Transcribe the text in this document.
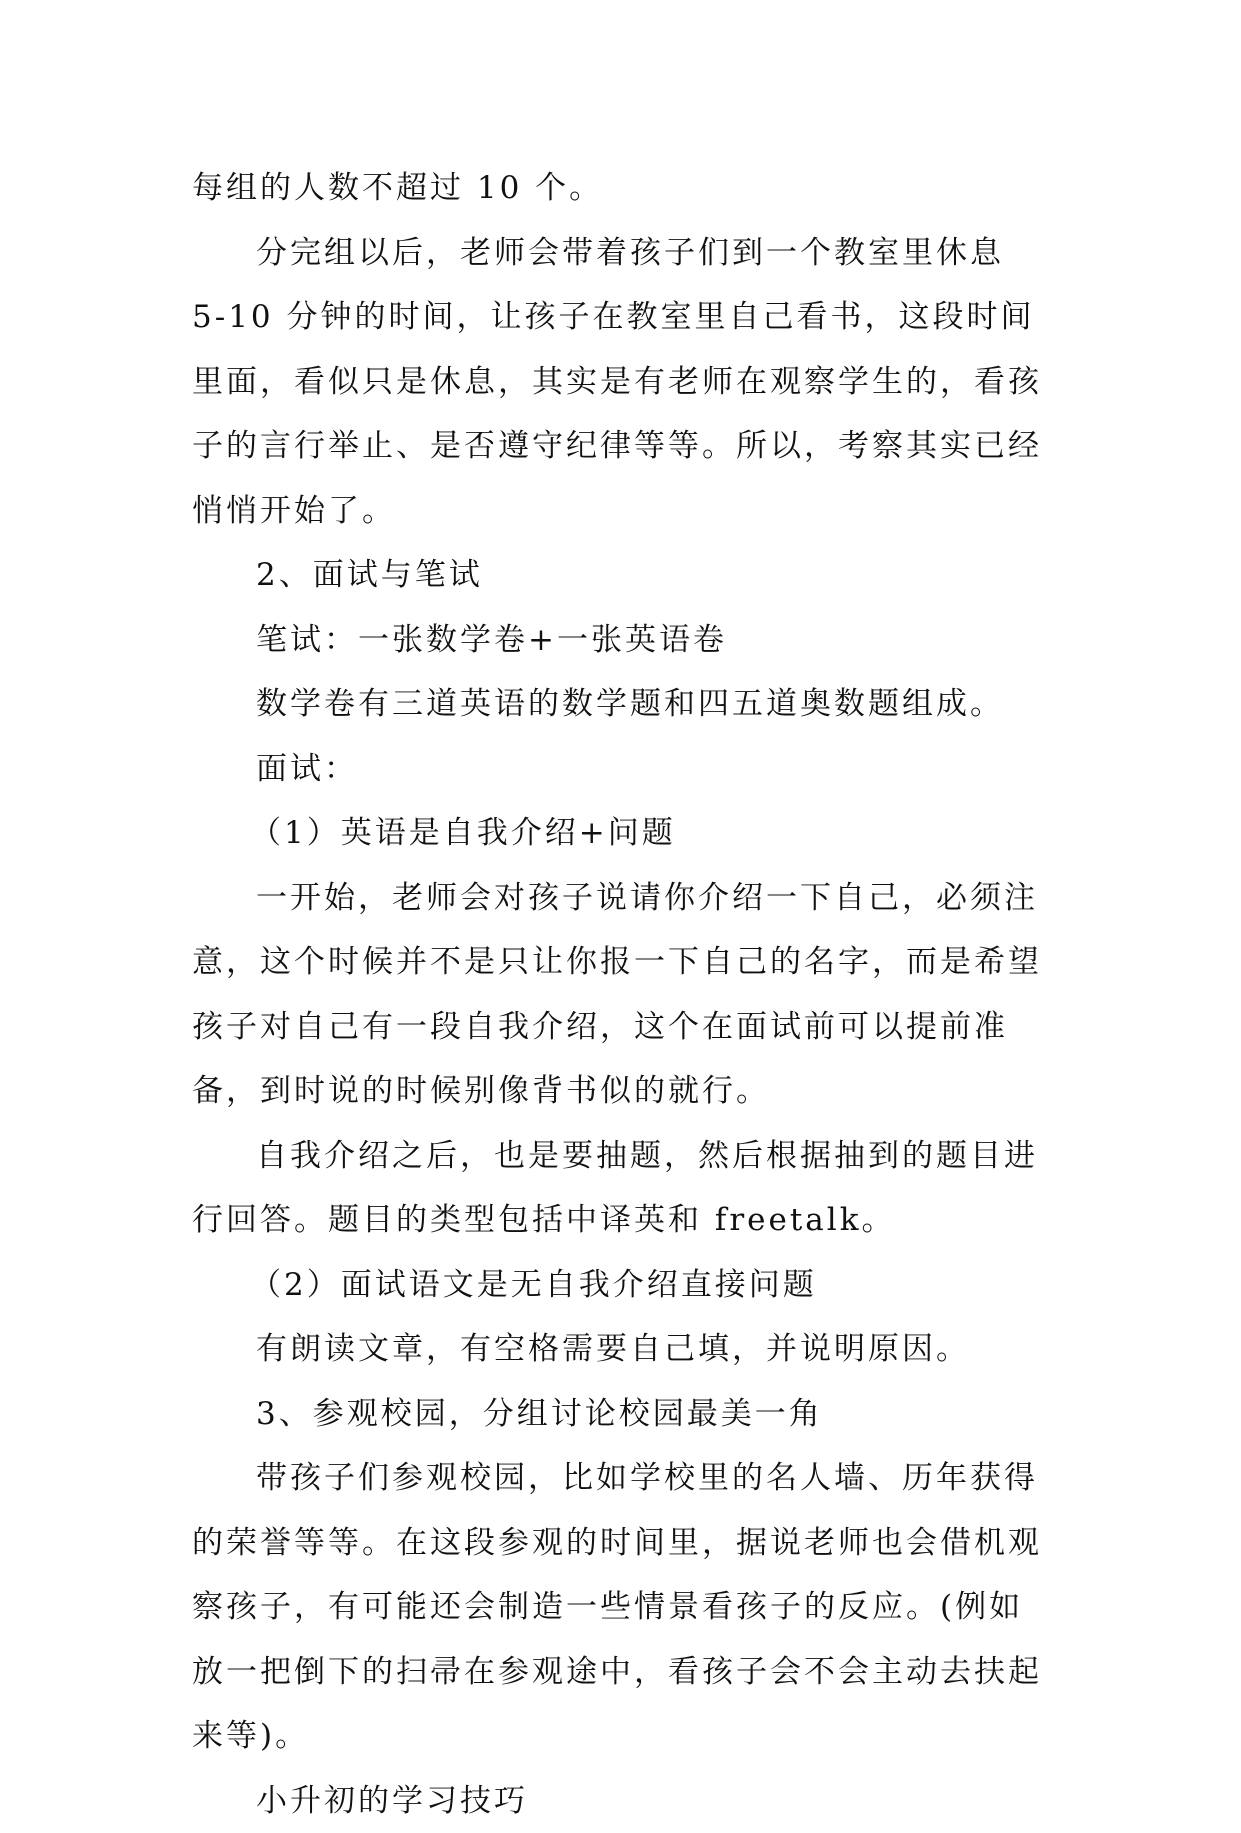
每组的人数不超过 10 个。

分完组以后，老师会带着孩子们到一个教室里休息 5-10 分钟的时间，让孩子在教室里自己看书，这段时间里面，看似只是休息，其实是有老师在观察学生的，看孩子的言行举止、是否遵守纪律等等。所以，考察其实已经悄悄开始了。

2、面试与笔试

笔试：一张数学卷+一张英语卷

数学卷有三道英语的数学题和四五道奥数题组成。

面试：

（1）英语是自我介绍+问题

一开始，老师会对孩子说请你介绍一下自己，必须注意，这个时候并不是只让你报一下自己的名字，而是希望孩子对自己有一段自我介绍，这个在面试前可以提前准备，到时说的时候别像背书似的就行。

自我介绍之后，也是要抽题，然后根据抽到的题目进行回答。题目的类型包括中译英和 freetalk。

（2）面试语文是无自我介绍直接问题

有朗读文章，有空格需要自己填，并说明原因。

3、参观校园，分组讨论校园最美一角

带孩子们参观校园，比如学校里的名人墙、历年获得的荣誉等等。在这段参观的时间里，据说老师也会借机观察孩子，有可能还会制造一些情景看孩子的反应。(例如放一把倒下的扫帚在参观途中，看孩子会不会主动去扶起来等)。

小升初的学习技巧
